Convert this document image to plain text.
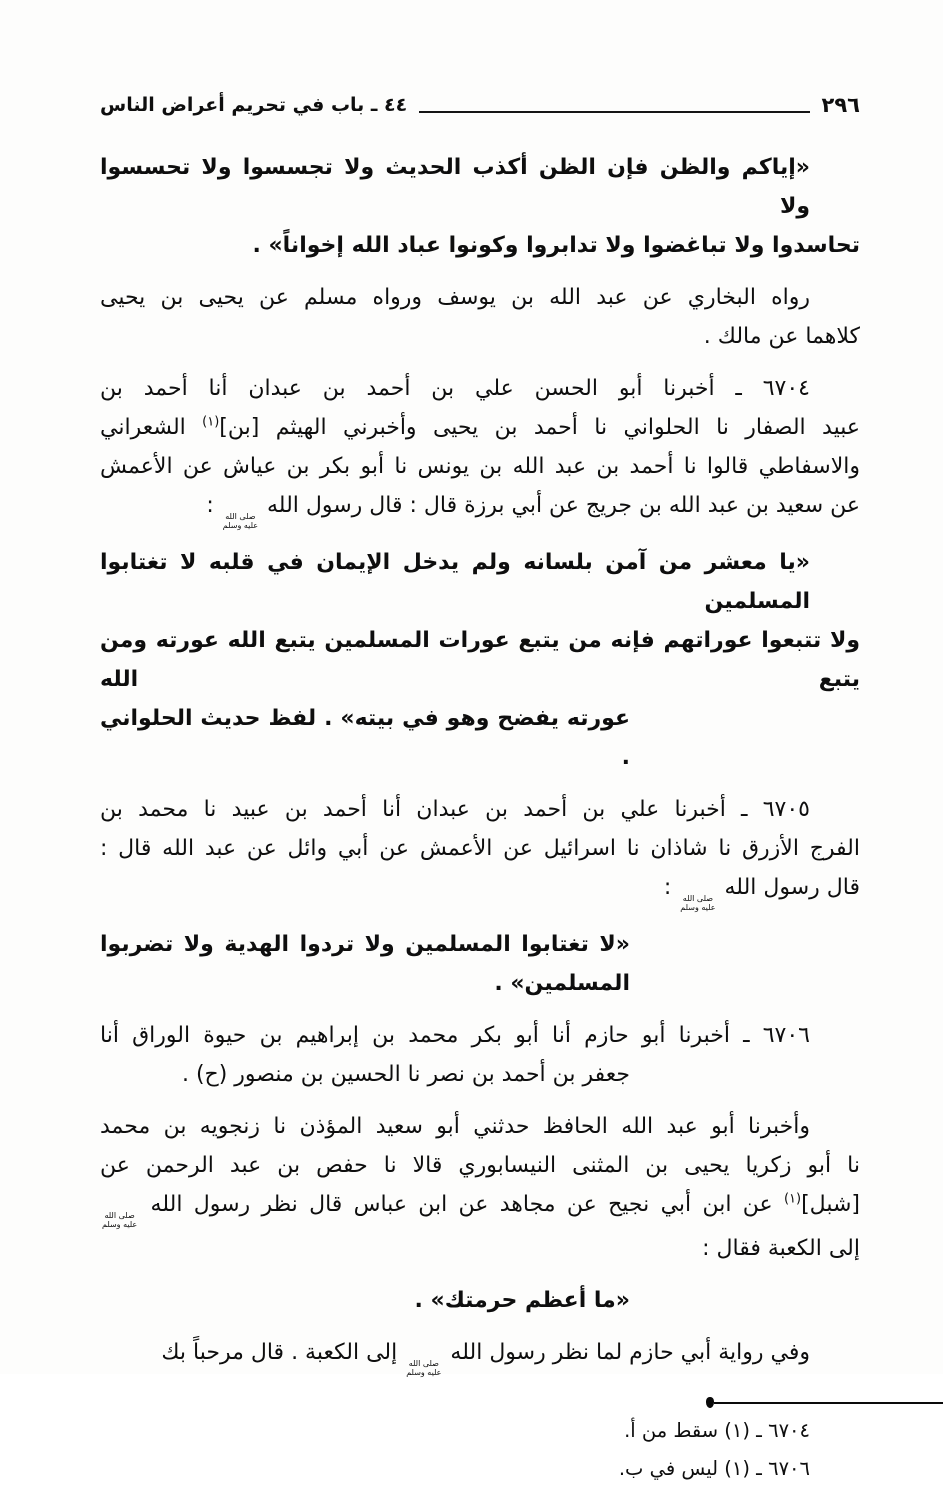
٢٩٦
٤٤ ـ باب في تحريم أعراض الناس
«إياكم والظن فإن الظن أكذب الحديث ولا تجسسوا ولا تحسسوا ولا
تحاسدوا ولا تباغضوا ولا تدابروا وكونوا عباد الله إخواناً» .
رواه البخاري عن عبد الله بن يوسف ورواه مسلم عن يحيى بن يحيى
كلاهما عن مالك .
٦٧٠٤ ـ أخبرنا أبو الحسن علي بن أحمد بن عبدان أنا أحمد بن
عبيد الصفار نا الحلواني نا أحمد بن يحيى وأخبرني الهيثم [بن]$^{(١)}$ الشعراني
والاسفاطي قالوا نا أحمد بن عبد الله بن يونس نا أبو بكر بن عياش عن الأعمش
عن سعيد بن عبد الله بن جريج عن أبي برزة قال : قال رسول الله
صلى الله
عليه وسلم
:
«يا معشر من آمن بلسانه ولم يدخل الإيمان في قلبه لا تغتابوا المسلمين
ولا تتبعوا عوراتهم فإنه من يتبع عورات المسلمين يتبع الله عورته ومن يتبع الله
عورته يفضح وهو في بيته» . لفظ حديث الحلواني .
٦٧٠٥ ـ أخبرنا علي بن أحمد بن عبدان أنا أحمد بن عبيد نا محمد بن
الفرج الأزرق نا شاذان نا اسرائيل عن الأعمش عن أبي وائل عن عبد الله قال :
قال رسول الله
صلى الله
عليه وسلم
:
«لا تغتابوا المسلمين ولا تردوا الهدية ولا تضربوا المسلمين» .
٦٧٠٦ ـ أخبرنا أبو حازم أنا أبو بكر محمد بن إبراهيم بن حيوة الوراق أنا
جعفر بن أحمد بن نصر نا الحسين بن منصور (ح) .
وأخبرنا أبو عبد الله الحافظ حدثني أبو سعيد المؤذن نا زنجويه بن محمد
نا أبو زكريا يحيى بن المثنى النيسابوري قالا نا حفص بن عبد الرحمن عن
[شبل]$^{(١)}$ عن ابن أبي نجيح عن مجاهد عن ابن عباس قال نظر رسول الله
صلى الله
عليه وسلم
إلى الكعبة فقال :
«ما أعظم حرمتك» .
وفي رواية أبي حازم لما نظر رسول الله
صلى الله
عليه وسلم
إلى الكعبة . قال مرحباً بك
٦٧٠٤ ـ (١) سقط من أ.
٦٧٠٦ ـ (١) ليس في ب.
